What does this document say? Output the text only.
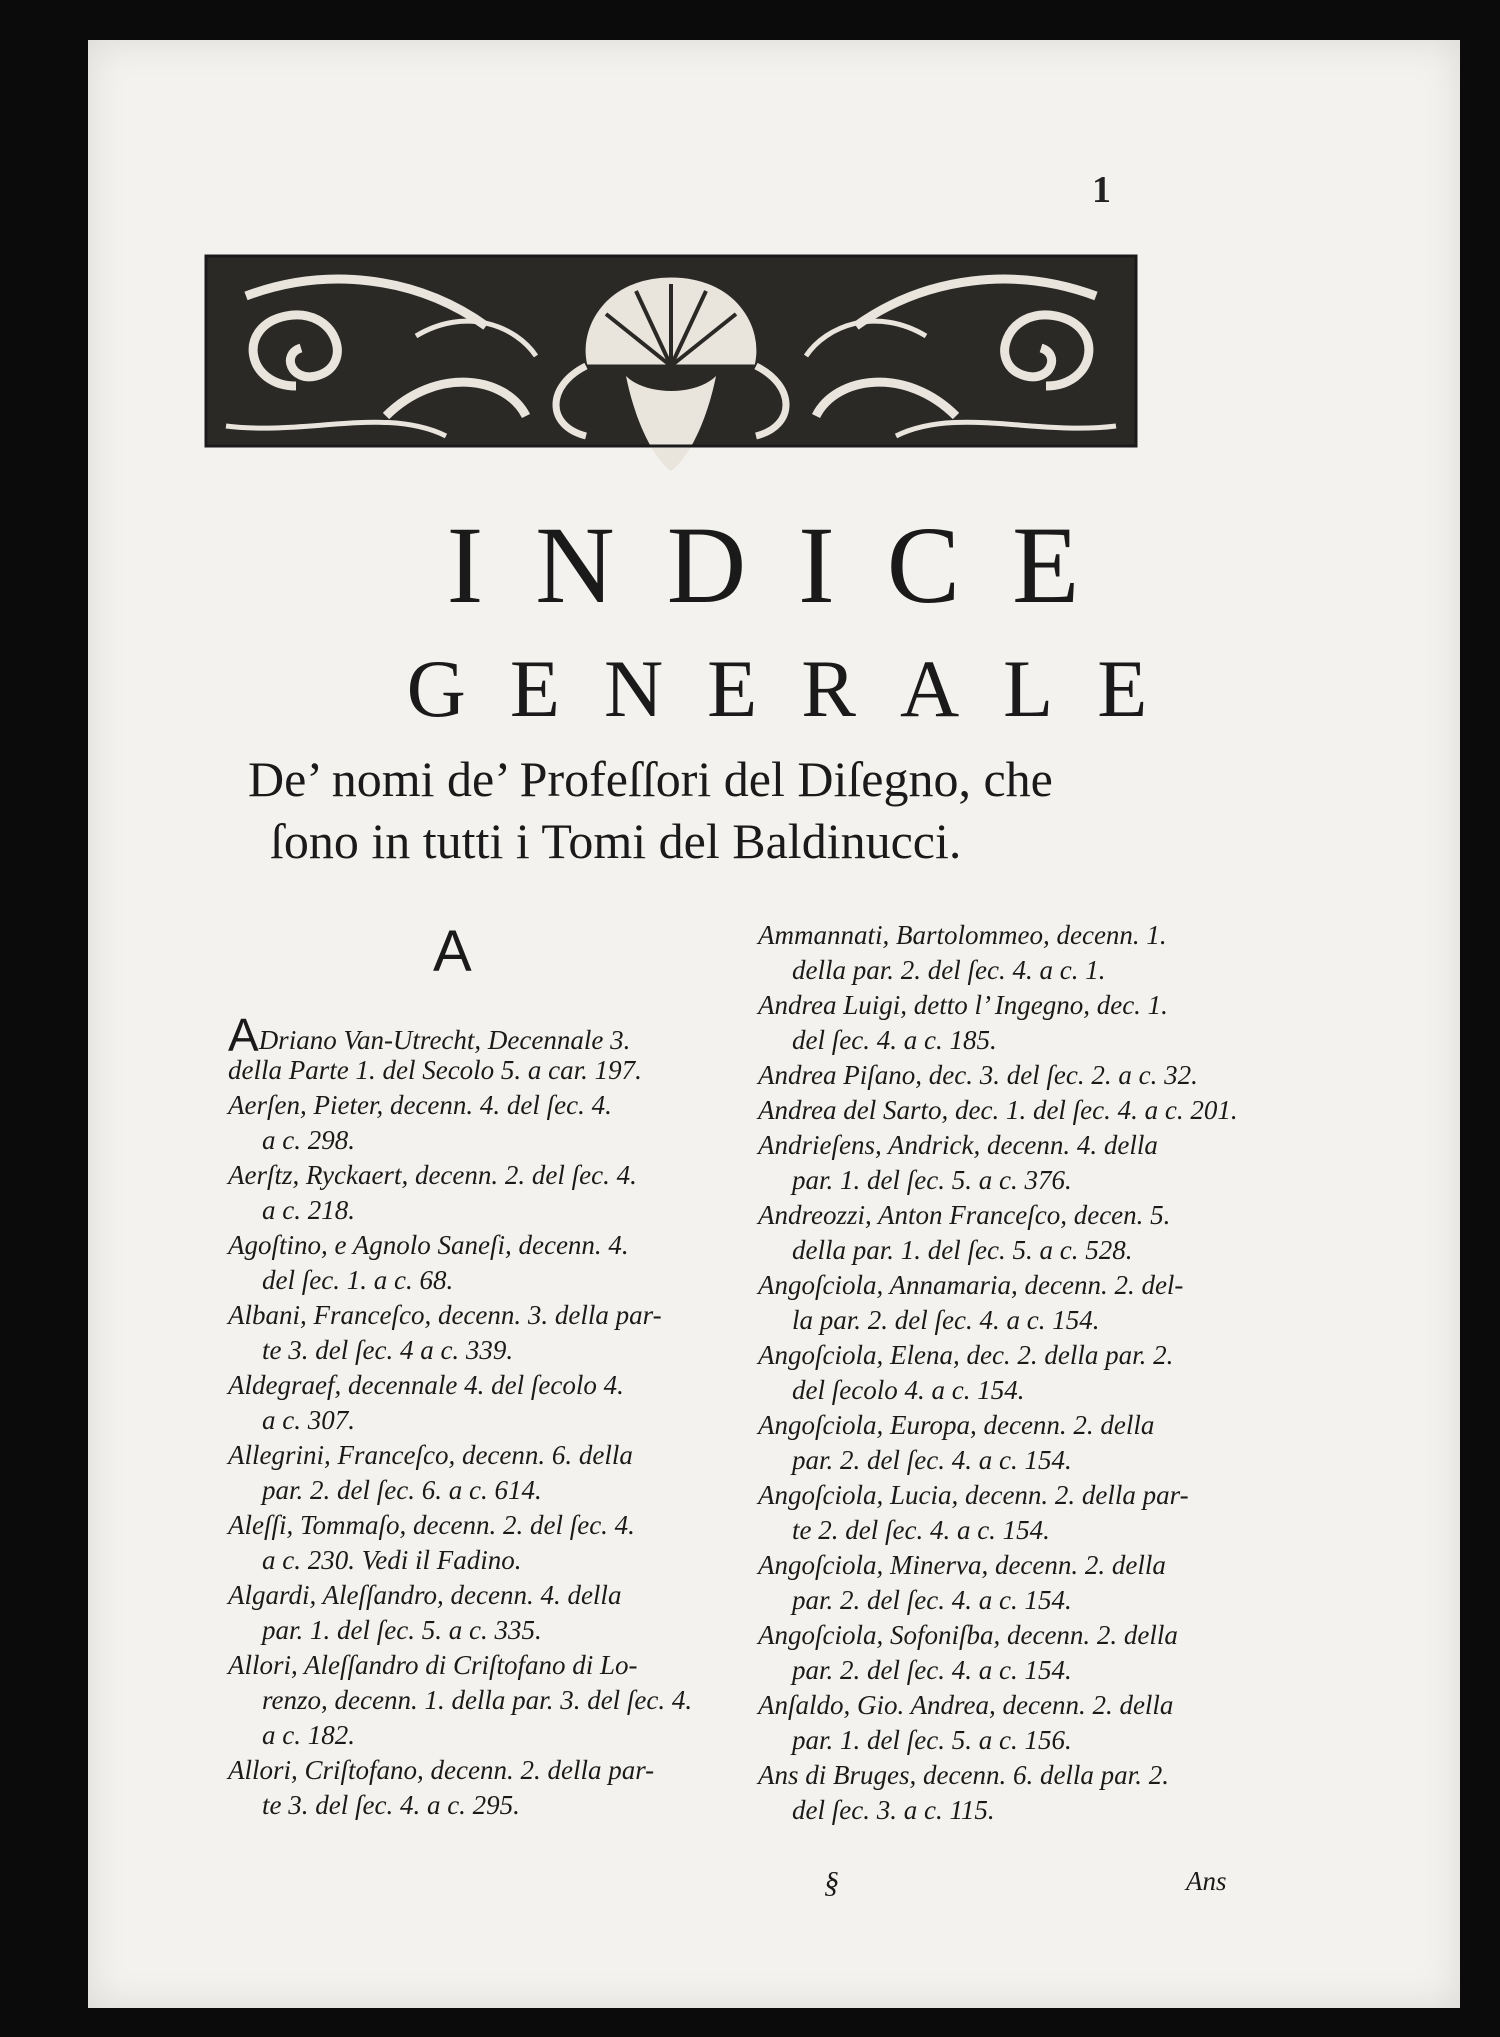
1
INDICE
GENERALE
De’ nomi de’ Profeſſori del Diſegno, che
ſono in tutti i Tomi del Baldinucci.
A
ADriano Van-Utrecht, Decennale 3.
della Parte 1. del Secolo 5. a car. 197.
Aerſen, Pieter, decenn. 4. del ſec. 4.
a c. 298.
Aerſtz, Ryckaert, decenn. 2. del ſec. 4.
a c. 218.
Agoſtino, e Agnolo Saneſi, decenn. 4.
del ſec. 1. a c. 68.
Albani, Franceſco, decenn. 3. della par-
te 3. del ſec. 4 a c. 339.
Aldegraef, decennale 4. del ſecolo 4.
a c. 307.
Allegrini, Franceſco, decenn. 6. della
par. 2. del ſec. 6. a c. 614.
Aleſſi, Tommaſo, decenn. 2. del ſec. 4.
a c. 230. Vedi il Fadino.
Algardi, Aleſſandro, decenn. 4. della
par. 1. del ſec. 5. a c. 335.
Allori, Aleſſandro di Criſtofano di Lo-
renzo, decenn. 1. della par. 3. del ſec. 4.
a c. 182.
Allori, Criſtofano, decenn. 2. della par-
te 3. del ſec. 4. a c. 295.
Ammannati, Bartolommeo, decenn. 1.
della par. 2. del ſec. 4. a c. 1.
Andrea Luigi, detto l’ Ingegno, dec. 1.
del ſec. 4. a c. 185.
Andrea Piſano, dec. 3. del ſec. 2. a c. 32.
Andrea del Sarto, dec. 1. del ſec. 4. a c. 201.
Andrieſens, Andrick, decenn. 4. della
par. 1. del ſec. 5. a c. 376.
Andreozzi, Anton Franceſco, decen. 5.
della par. 1. del ſec. 5. a c. 528.
Angoſciola, Annamaria, decenn. 2. del-
la par. 2. del ſec. 4. a c. 154.
Angoſciola, Elena, dec. 2. della par. 2.
del ſecolo 4. a c. 154.
Angoſciola, Europa, decenn. 2. della
par. 2. del ſec. 4. a c. 154.
Angoſciola, Lucia, decenn. 2. della par-
te 2. del ſec. 4. a c. 154.
Angoſciola, Minerva, decenn. 2. della
par. 2. del ſec. 4. a c. 154.
Angoſciola, Sofoniſba, decenn. 2. della
par. 2. del ſec. 4. a c. 154.
Anſaldo, Gio. Andrea, decenn. 2. della
par. 1. del ſec. 5. a c. 156.
Ans di Bruges, decenn. 6. della par. 2.
del ſec. 3. a c. 115.
§	Ans
